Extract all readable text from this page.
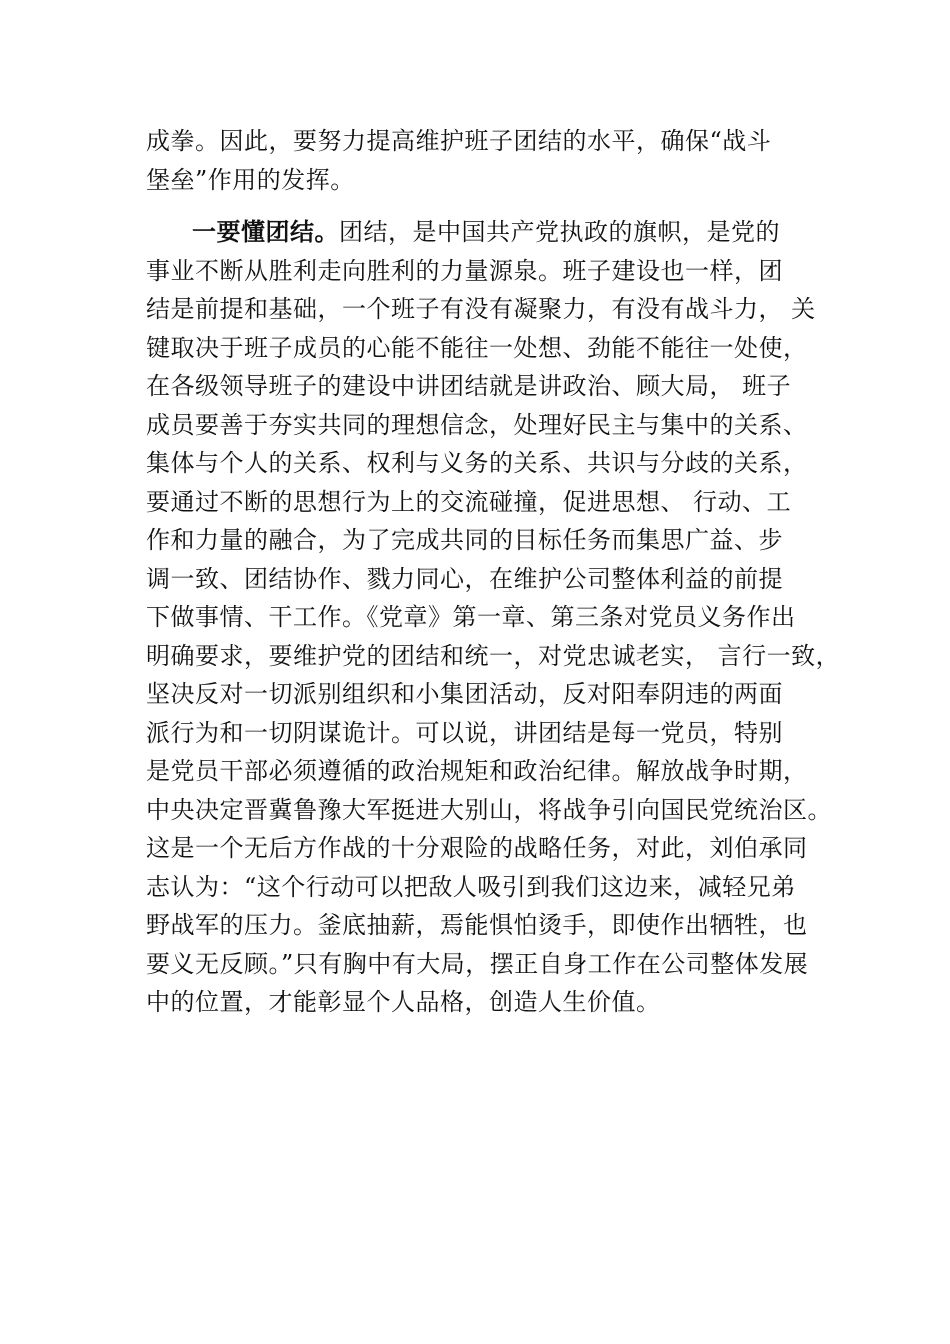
成拳。因此，要努力提高维护班子团结的水平，确保“战斗
堡垒”作用的发挥。
一要懂团结。团结，是中国共产党执政的旗帜，是党的
事业不断从胜利走向胜利的力量源泉。班子建设也一样，团
结是前提和基础，一个班子有没有凝聚力，有没有战斗力， 关
键取决于班子成员的心能不能往一处想、劲能不能往一处使，
在各级领导班子的建设中讲团结就是讲政治、顾大局， 班子
成员要善于夯实共同的理想信念，处理好民主与集中的关系、
集体与个人的关系、权利与义务的关系、共识与分歧的关系，
要通过不断的思想行为上的交流碰撞，促进思想、 行动、工
作和力量的融合，为了完成共同的目标任务而集思广益、步
调一致、团结协作、戮力同心，在维护公司整体利益的前提
下做事情、干工作。《党章》第一章、第三条对党员义务作出
明确要求，要维护党的团结和统一，对党忠诚老实， 言行一致，
坚决反对一切派别组织和小集团活动，反对阳奉阴违的两面
派行为和一切阴谋诡计。可以说，讲团结是每一党员，特别
是党员干部必须遵循的政治规矩和政治纪律。解放战争时期，
中央决定晋冀鲁豫大军挺进大别山，将战争引向国民党统治区。
这是一个无后方作战的十分艰险的战略任务，对此，刘伯承同
志认为：“这个行动可以把敌人吸引到我们这边来，减轻兄弟
野战军的压力。釜底抽薪，焉能惧怕烫手，即使作出牺牲，也
要义无反顾。”只有胸中有大局，摆正自身工作在公司整体发展
中的位置，才能彰显个人品格，创造人生价值。
